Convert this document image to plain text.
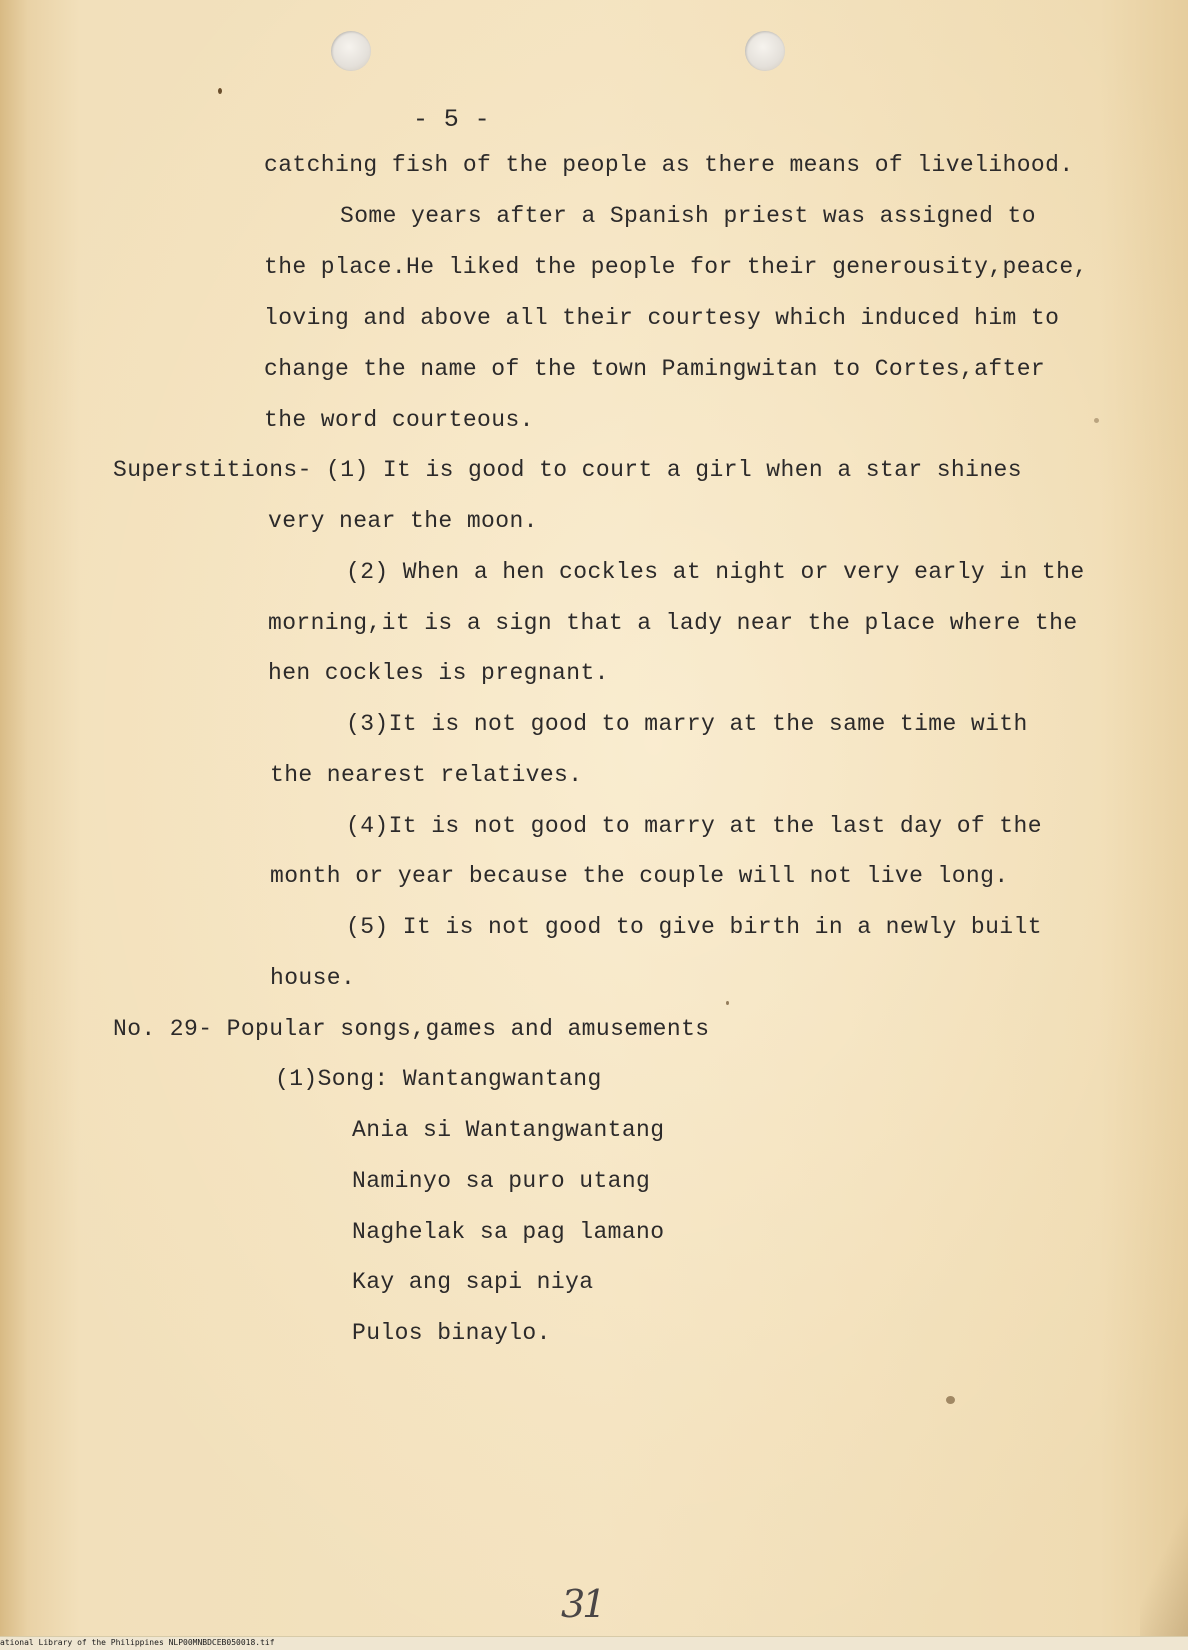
- 5 -
catching fish of the people as there means of livelihood.
Some years after a Spanish priest was assigned to
the place.He liked the people for their generousity,peace,
loving and above all their courtesy which induced him to
change the name of the town Pamingwitan to Cortes,after
the word courteous.
Superstitions- (1) It is good to court a girl when a star shines
very near the moon.
(2) When a hen cockles at night or very early in the
morning,it is a sign that a lady near the place where the
hen cockles is pregnant.
(3)It is not good to marry at the same time with
the nearest relatives.
(4)It is not good to marry at the last day of the
month or year because the couple will not live long.
(5) It is not good to give birth in a newly built
house.
No. 29- Popular songs,games and amusements
(1)Song: Wantangwantang
Ania si Wantangwantang
Naminyo sa puro utang
Naghelak sa pag lamano
Kay ang sapi niya
Pulos binaylo.
31
ational Library of the Philippines NLP00MNBDCEB050018.tif
